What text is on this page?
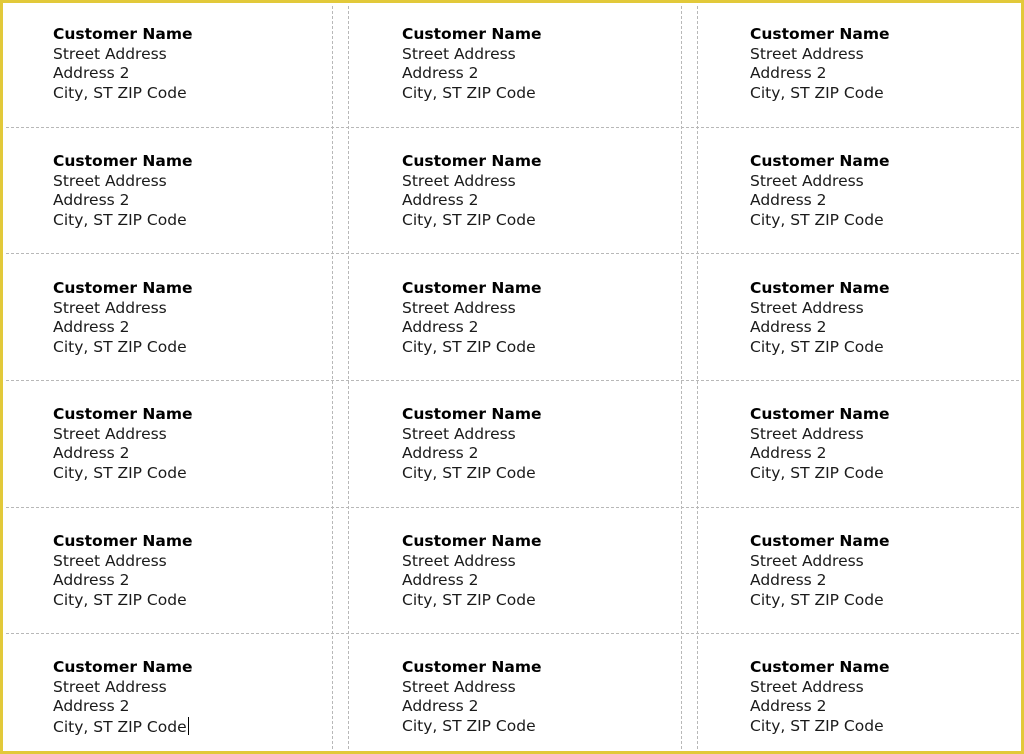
Customer Name
Street Address
Address 2
City, ST ZIP Code
Customer Name
Street Address
Address 2
City, ST ZIP Code
Customer Name
Street Address
Address 2
City, ST ZIP Code
Customer Name
Street Address
Address 2
City, ST ZIP Code
Customer Name
Street Address
Address 2
City, ST ZIP Code
Customer Name
Street Address
Address 2
City, ST ZIP Code
Customer Name
Street Address
Address 2
City, ST ZIP Code
Customer Name
Street Address
Address 2
City, ST ZIP Code
Customer Name
Street Address
Address 2
City, ST ZIP Code
Customer Name
Street Address
Address 2
City, ST ZIP Code
Customer Name
Street Address
Address 2
City, ST ZIP Code
Customer Name
Street Address
Address 2
City, ST ZIP Code
Customer Name
Street Address
Address 2
City, ST ZIP Code
Customer Name
Street Address
Address 2
City, ST ZIP Code
Customer Name
Street Address
Address 2
City, ST ZIP Code
Customer Name
Street Address
Address 2
City, ST ZIP Code
Customer Name
Street Address
Address 2
City, ST ZIP Code
Customer Name
Street Address
Address 2
City, ST ZIP Code
